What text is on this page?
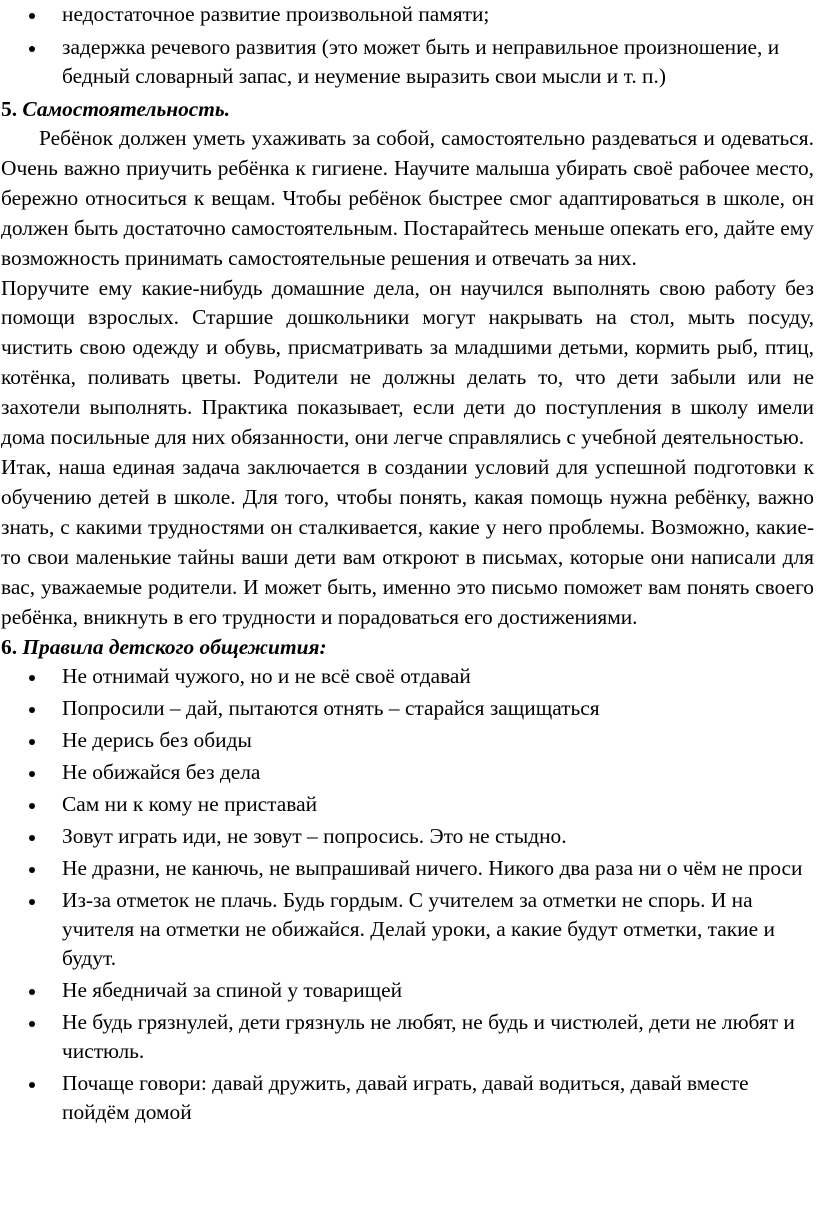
недостаточное развитие произвольной памяти;
задержка речевого развития (это может быть и неправильное произношение, и бедный словарный запас, и неумение выразить свои мысли и т. п.)
5. Самостоятельность.

Ребёнок должен уметь ухаживать за собой, самостоятельно раздеваться и одеваться. Очень важно приучить ребёнка к гигиене. Научите малыша убирать своё рабочее место, бережно относиться к вещам. Чтобы ребёнок быстрее смог адаптироваться в школе, он должен быть достаточно самостоятельным. Постарайтесь меньше опекать его, дайте ему возможность принимать самостоятельные решения и отвечать за них.

Поручите ему какие-нибудь домашние дела, он научился выполнять свою работу без помощи взрослых. Старшие дошкольники могут накрывать на стол, мыть посуду, чистить свою одежду и обувь, присматривать за младшими детьми, кормить рыб, птиц, котёнка, поливать цветы. Родители не должны делать то, что дети забыли или не захотели выполнять. Практика показывает, если дети до поступления в школу имели дома посильные для них обязанности, они легче справлялись с учебной деятельностью.

Итак, наша единая задача заключается в создании условий для успешной подготовки к обучению детей в школе. Для того, чтобы понять, какая помощь нужна ребёнку, важно знать, с какими трудностями он сталкивается, какие у него проблемы. Возможно, какие-то свои маленькие тайны ваши дети вам откроют в письмах, которые они написали для вас, уважаемые родители. И может быть, именно это письмо поможет вам понять своего ребёнка, вникнуть в его трудности и порадоваться его достижениями.

6. Правила детского общежития:
Не отнимай чужого, но и не всё своё отдавай
Попросили – дай, пытаются отнять – старайся защищаться
Не дерись без обиды
Не обижайся без дела
Сам ни к кому не приставай
Зовут играть иди, не зовут – попросись. Это не стыдно.
Не дразни, не канючь, не выпрашивай ничего. Никого два раза ни о чём не проси
Из-за отметок не плачь. Будь гордым. С учителем за отметки не спорь. И на учителя на отметки не обижайся. Делай уроки, а какие будут отметки, такие и будут.
Не ябедничай за спиной у товарищей
Не будь грязнулей, дети грязнуль не любят, не будь и чистюлей, дети не любят и чистюль.
Почаще говори: давай дружить, давай играть, давай водиться, давай вместе пойдём домой
